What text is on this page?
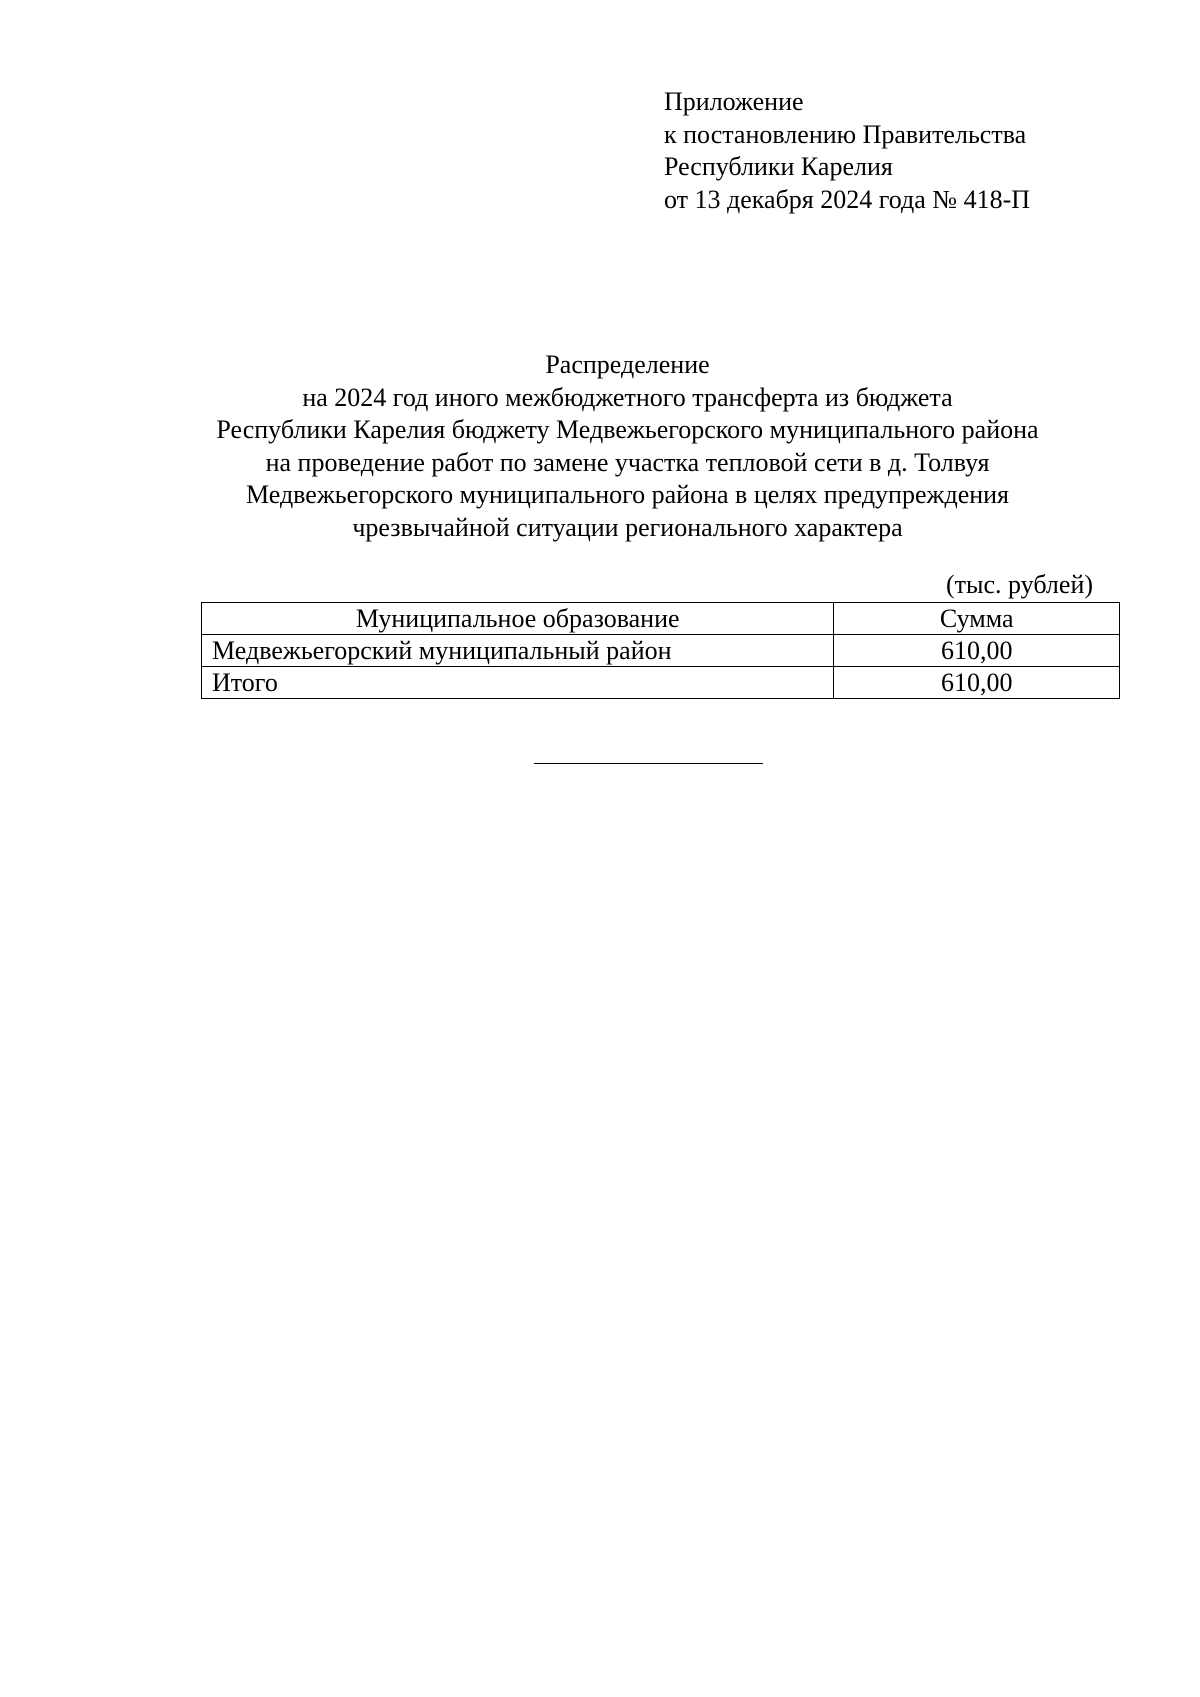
Приложение
к постановлению Правительства
Республики Карелия
от 13 декабря 2024 года № 418-П
Распределение
на 2024 год иного межбюджетного трансферта из бюджета
Республики Карелия бюджету Медвежьегорского муниципального района
на проведение работ по замене участка тепловой сети в д. Толвуя
Медвежьегорского муниципального района в целях предупреждения
чрезвычайной ситуации регионального характера
(тыс. рублей)
Муниципальное образование	Сумма
Медвежьегорский муниципальный район	610,00
Итого	610,00
